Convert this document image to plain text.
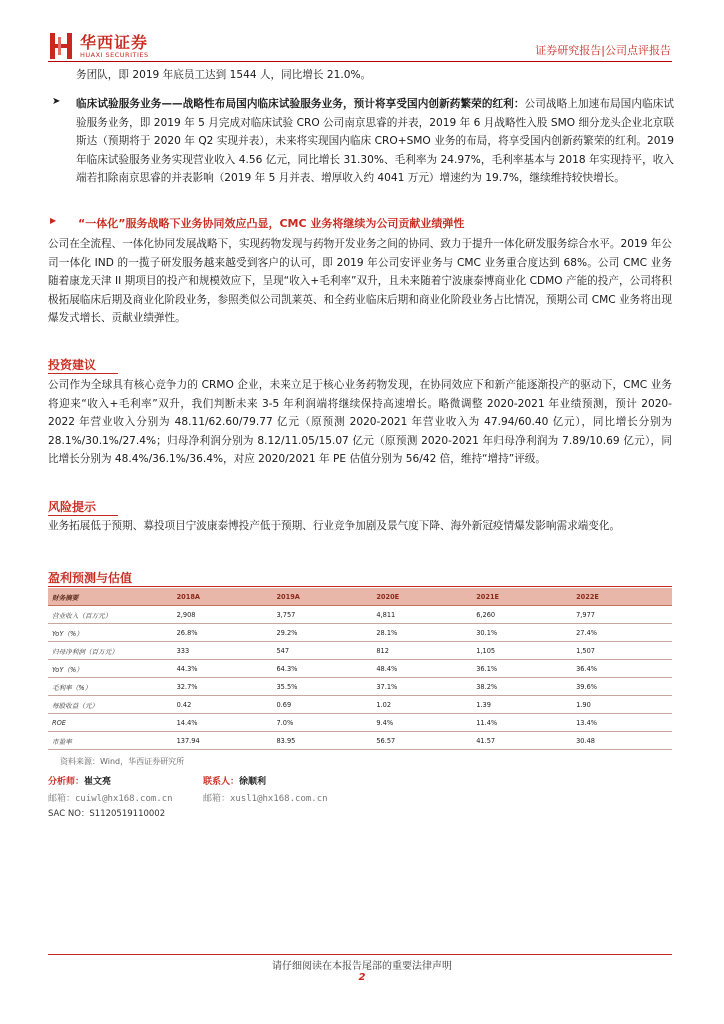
华西证券
HUAXI SECURITIES	证券研究报告|公司点评报告
务团队，即 2019 年底员工达到 1544 人，同比增长 21.0%。
➤ 临床试验服务业务——战略性布局国内临床试验服务业务，预计将享受国内创新药繁荣的红利：公司战略上加速布局国内临床试验服务业务，即 2019 年 5 月完成对临床试验 CRO 公司南京思睿的并表，2019 年 6 月战略性入股 SMO 细分龙头企业北京联斯达（预期将于 2020 年 Q2 实现并表），未来将实现国内临床 CRO+SMO 业务的布局，将享受国内创新药繁荣的红利。2019 年临床试验服务业务实现营业收入 4.56 亿元，同比增长 31.30%、毛利率为 24.97%，毛利率基本与 2018 年实现持平，收入端若扣除南京思睿的并表影响（2019 年 5 月并表、增厚收入约 4041 万元）增速约为 19.7%，继续维持较快增长。
▶ “一体化”服务战略下业务协同效应凸显，CMC 业务将继续为公司贡献业绩弹性
公司在全流程、一体化协同发展战略下，实现药物发现与药物开发业务之间的协同、致力于提升一体化研发服务综合水平。2019 年公司一体化 IND 的一揽子研发服务越来越受到客户的认可，即 2019 年公司安评业务与 CMC 业务重合度达到 68%。公司 CMC 业务随着康龙天津 II 期项目的投产和规模效应下，呈现“收入+毛利率”双升，且未来随着宁波康泰博商业化 CDMO 产能的投产，公司将积极拓展临床后期及商业化阶段业务，参照类似公司凯莱英、和全药业临床后期和商业化阶段业务占比情况，预期公司 CMC 业务将出现爆发式增长、贡献业绩弹性。
投资建议
公司作为全球具有核心竞争力的 CRMO 企业，未来立足于核心业务药物发现，在协同效应下和新产能逐渐投产的驱动下，CMC 业务将迎来“收入+毛利率”双升，我们判断未来 3-5 年利润端将继续保持高速增长。略微调整 2020-2021 年业绩预测，预计 2020-2022 年营业收入分别为 48.11/62.60/79.77 亿元（原预测 2020-2021 年营业收入为 47.94/60.40 亿元），同比增长分别为 28.1%/30.1%/27.4%；归母净利润分别为 8.12/11.05/15.07 亿元（原预测 2020-2021 年归母净利润为 7.89/10.69 亿元），同比增长分别为 48.4%/36.1%/36.4%，对应 2020/2021 年 PE 估值分别为 56/42 倍，维持“增持”评级。
风险提示
业务拓展低于预期、募投项目宁波康泰博投产低于预期、行业竞争加剧及景气度下降、海外新冠疫情爆发影响需求端变化。
盈利预测与估值
财务摘要	2018A	2019A	2020E	2021E	2022E
营业收入（百万元）	2,908	3,757	4,811	6,260	7,977
YoY（%）	26.8%	29.2%	28.1%	30.1%	27.4%
归母净利润（百万元）	333	547	812	1,105	1,507
YoY（%）	44.3%	64.3%	48.4%	36.1%	36.4%
毛利率（%）	32.7%	35.5%	37.1%	38.2%	39.6%
每股收益（元）	0.42	0.69	1.02	1.39	1.90
ROE	14.4%	7.0%	9.4%	11.4%	13.4%
市盈率	137.94	83.95	56.57	41.57	30.48
资料来源：Wind，华西证券研究所
分析师：崔文亮
邮箱：cuiwl@hx168.com.cn
SAC NO：S1120519110002
联系人：徐顺利
邮箱：xusl1@hx168.com.cn
请仔细阅读在本报告尾部的重要法律声明
2
